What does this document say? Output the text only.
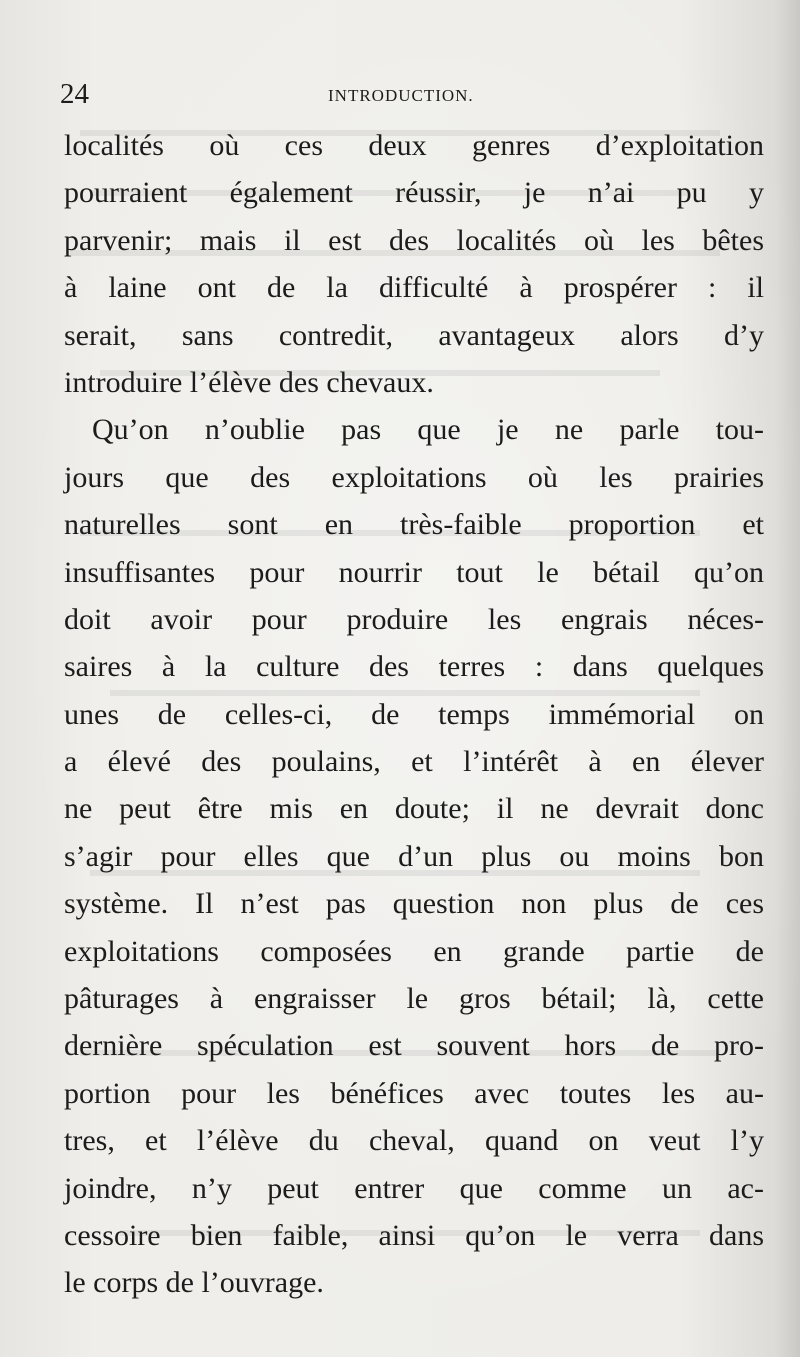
24	INTRODUCTION.
localités où ces deux genres d’exploitation
pourraient également réussir, je n’ai pu y
parvenir; mais il est des localités où les bêtes
à laine ont de la difficulté à prospérer : il
serait, sans contredit, avantageux alors d’y
introduire l’élève des chevaux.
Qu’on n’oublie pas que je ne parle tou-
jours que des exploitations où les prairies
naturelles sont en très-faible proportion et
insuffisantes pour nourrir tout le bétail qu’on
doit avoir pour produire les engrais néces-
saires à la culture des terres : dans quelques
unes de celles-ci, de temps immémorial on
a élevé des poulains, et l’intérêt à en élever
ne peut être mis en doute; il ne devrait donc
s’agir pour elles que d’un plus ou moins bon
système. Il n’est pas question non plus de ces
exploitations composées en grande partie de
pâturages à engraisser le gros bétail; là, cette
dernière spéculation est souvent hors de pro-
portion pour les bénéfices avec toutes les au-
tres, et l’élève du cheval, quand on veut l’y
joindre, n’y peut entrer que comme un ac-
cessoire bien faible, ainsi qu’on le verra dans
le corps de l’ouvrage.
